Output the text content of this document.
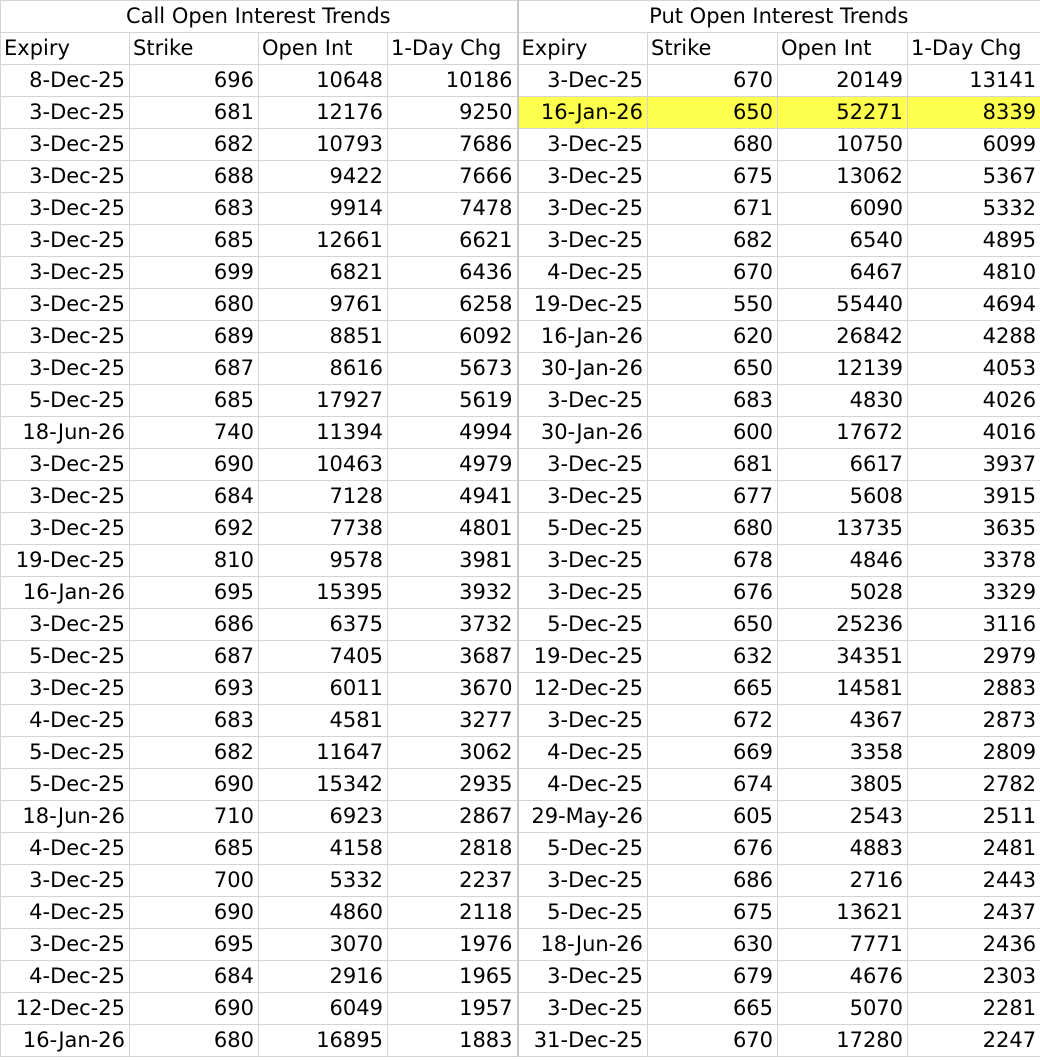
Call Open Interest Trends				Put Open Interest Trends			
Expiry	Strike	Open Int	1-Day Chg	Expiry	Strike	Open Int	1-Day Chg
8-Dec-25	696	10648	10186	3-Dec-25	670	20149	13141
3-Dec-25	681	12176	9250	16-Jan-26	650	52271	8339
3-Dec-25	682	10793	7686	3-Dec-25	680	10750	6099
3-Dec-25	688	9422	7666	3-Dec-25	675	13062	5367
3-Dec-25	683	9914	7478	3-Dec-25	671	6090	5332
3-Dec-25	685	12661	6621	3-Dec-25	682	6540	4895
3-Dec-25	699	6821	6436	4-Dec-25	670	6467	4810
3-Dec-25	680	9761	6258	19-Dec-25	550	55440	4694
3-Dec-25	689	8851	6092	16-Jan-26	620	26842	4288
3-Dec-25	687	8616	5673	30-Jan-26	650	12139	4053
5-Dec-25	685	17927	5619	3-Dec-25	683	4830	4026
18-Jun-26	740	11394	4994	30-Jan-26	600	17672	4016
3-Dec-25	690	10463	4979	3-Dec-25	681	6617	3937
3-Dec-25	684	7128	4941	3-Dec-25	677	5608	3915
3-Dec-25	692	7738	4801	5-Dec-25	680	13735	3635
19-Dec-25	810	9578	3981	3-Dec-25	678	4846	3378
16-Jan-26	695	15395	3932	3-Dec-25	676	5028	3329
3-Dec-25	686	6375	3732	5-Dec-25	650	25236	3116
5-Dec-25	687	7405	3687	19-Dec-25	632	34351	2979
3-Dec-25	693	6011	3670	12-Dec-25	665	14581	2883
4-Dec-25	683	4581	3277	3-Dec-25	672	4367	2873
5-Dec-25	682	11647	3062	4-Dec-25	669	3358	2809
5-Dec-25	690	15342	2935	4-Dec-25	674	3805	2782
18-Jun-26	710	6923	2867	29-May-26	605	2543	2511
4-Dec-25	685	4158	2818	5-Dec-25	676	4883	2481
3-Dec-25	700	5332	2237	3-Dec-25	686	2716	2443
4-Dec-25	690	4860	2118	5-Dec-25	675	13621	2437
3-Dec-25	695	3070	1976	18-Jun-26	630	7771	2436
4-Dec-25	684	2916	1965	3-Dec-25	679	4676	2303
12-Dec-25	690	6049	1957	3-Dec-25	665	5070	2281
16-Jan-26	680	16895	1883	31-Dec-25	670	17280	2247
